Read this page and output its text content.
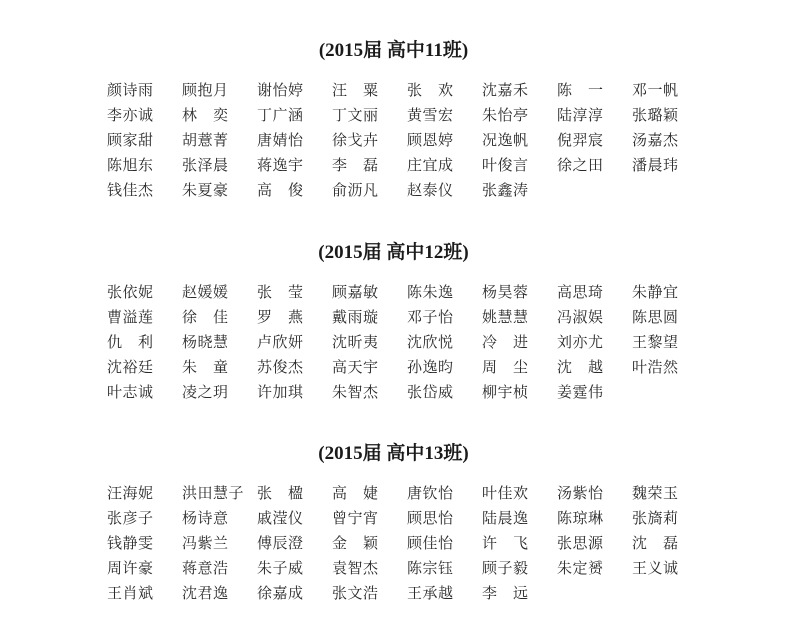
(2015届 高中11班)
颜诗雨	顾抱月	谢怡婷	汪　粟	张　欢	沈嘉禾	陈　一	邓一帆
李亦诚	林　奕	丁广涵	丁文丽	黄雪宏	朱怡亭	陆淳淳	张璐颖
顾家甜	胡薏菁	唐婧怡	徐戈卉	顾恩婷	况逸帆	倪羿宸	汤嘉杰
陈旭东	张泽晨	蒋逸宇	李　磊	庄宜成	叶俊言	徐之田	潘晨玮
钱佳杰	朱夏豪	高　俊	俞沥凡	赵泰仪	张鑫涛
(2015届 高中12班)
张依妮	赵媛媛	张　莹	顾嘉敏	陈朱逸	杨昊蓉	高思琦	朱静宜
曹溢莲	徐　佳	罗　燕	戴雨璇	邓子怡	姚慧慧	冯淑娱	陈思圆
仇　利	杨晓慧	卢欣妍	沈昕夷	沈欣悦	冷　进	刘亦尤	王黎望
沈裕廷	朱　童	苏俊杰	高天宇	孙逸昀	周　尘	沈　越	叶浩然
叶志诚	凌之玥	许加琪	朱智杰	张岱威	柳宇桢	姜霆伟
(2015届 高中13班)
汪海妮	洪田慧子 张　楹	高　婕	唐钦怡	叶佳欢	汤紫怡	魏荣玉
张彦子	杨诗意	戚滢仪	曾宁宵	顾思怡	陆晨逸	陈琼琳	张旖莉
钱静雯	冯紫兰	傅辰澄	金　颖	顾佳怡	许　飞	张思源	沈　磊
周许豪	蒋意浩	朱子威	袁智杰	陈宗钰	顾子毅	朱定赟	王义诚
王肖斌	沈君逸	徐嘉成	张文浩	王承越	李　远
